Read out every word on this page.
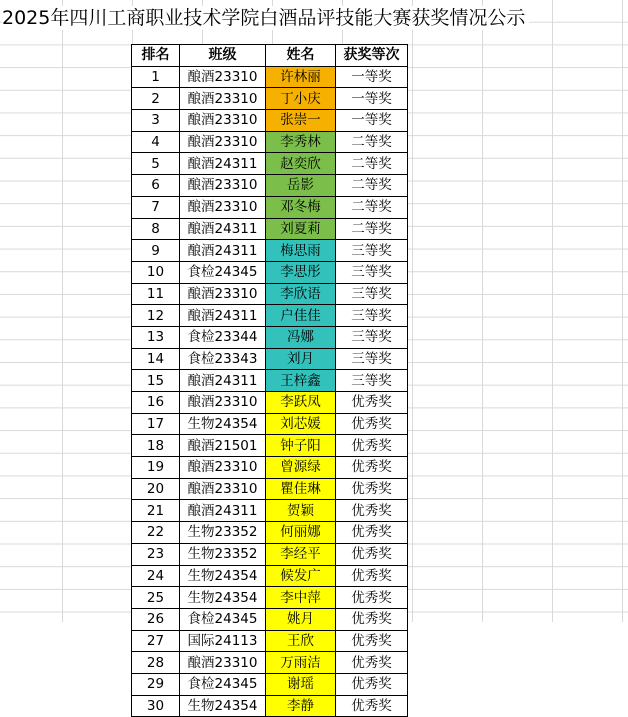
2025年四川工商职业技术学院白酒品评技能大赛获奖情况公示
排名	班级	姓名	获奖等次
1	酿酒23310	许林丽	一等奖
2	酿酒23310	丁小庆	一等奖
3	酿酒23310	张崇一	一等奖
4	酿酒23310	李秀林	二等奖
5	酿酒24311	赵奕欣	二等奖
6	酿酒23310	岳影	二等奖
7	酿酒23310	邓冬梅	二等奖
8	酿酒24311	刘夏莉	二等奖
9	酿酒24311	梅思雨	三等奖
10	食检24345	李思彤	三等奖
11	酿酒23310	李欣语	三等奖
12	酿酒24311	户佳佳	三等奖
13	食检23344	冯娜	三等奖
14	食检23343	刘月	三等奖
15	酿酒24311	王梓鑫	三等奖
16	酿酒23310	李跃凤	优秀奖
17	生物24354	刘芯媛	优秀奖
18	酿酒21501	钟子阳	优秀奖
19	酿酒23310	曾源绿	优秀奖
20	酿酒23310	瞿佳琳	优秀奖
21	酿酒24311	贺颖	优秀奖
22	生物23352	何丽娜	优秀奖
23	生物23352	李经平	优秀奖
24	生物24354	候发广	优秀奖
25	生物24354	李中萍	优秀奖
26	食检24345	姚月	优秀奖
27	国际24113	王欣	优秀奖
28	酿酒23310	万雨洁	优秀奖
29	食检24345	谢瑶	优秀奖
30	生物24354	李静	优秀奖
